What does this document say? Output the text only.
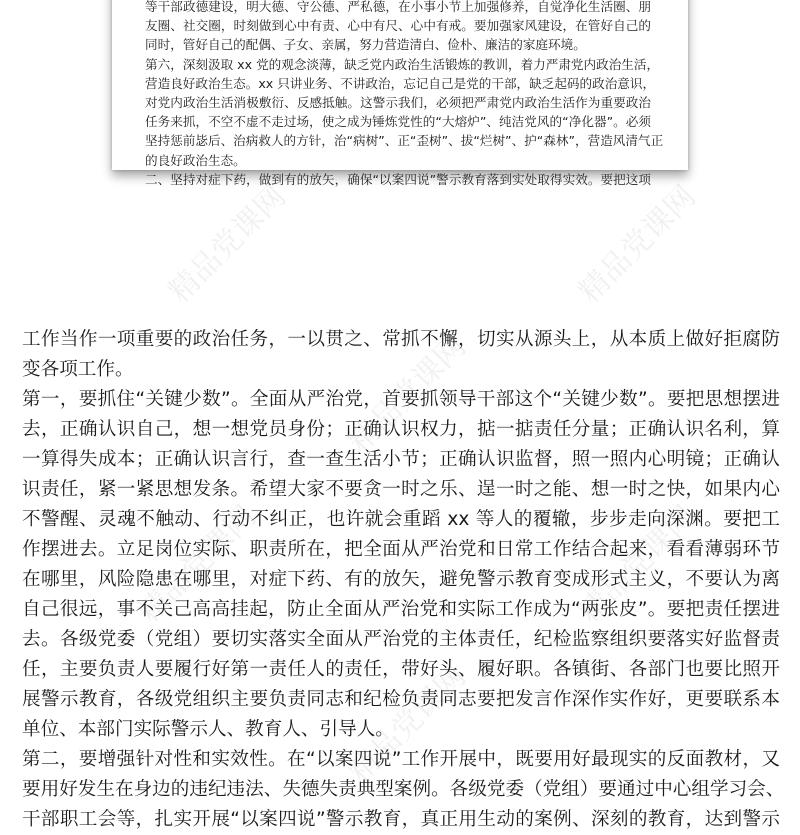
等干部政德建设，明大德、守公德、严私德，在小事小节上加强修养，自觉净化生活圈、朋
友圈、社交圈，时刻做到心中有责、心中有尺、心中有戒。要加强家风建设，在管好自己的
同时，管好自己的配偶、子女、亲属，努力营造清白、俭朴、廉洁的家庭环境。
第六，深刻汲取 xx 党的观念淡薄，缺乏党内政治生活锻炼的教训，着力严肃党内政治生活，
营造良好政治生态。xx 只讲业务、不讲政治，忘记自己是党的干部，缺乏起码的政治意识，
对党内政治生活消极敷衍、反感抵触。这警示我们，必须把严肃党内政治生活作为重要政治
任务来抓，不空不虚不走过场，使之成为锤炼党性的“大熔炉”、纯洁党风的“净化器”。必须
坚持惩前毖后、治病救人的方针，治“病树”、正“歪树”、拔“烂树”、护“森林”，营造风清气正
的良好政治生态。
二、坚持对症下药，做到有的放矢，确保“以案四说”警示教育落到实处取得实效。要把这项
工作当作一项重要的政治任务，一以贯之、常抓不懈，切实从源头上，从本质上做好拒腐防
变各项工作。
第一，要抓住“关键少数”。全面从严治党，首要抓领导干部这个“关键少数”。要把思想摆进
去，正确认识自己，想一想党员身份；正确认识权力，掂一掂责任分量；正确认识名利，算
一算得失成本；正确认识言行，查一查生活小节；正确认识监督，照一照内心明镜；正确认
识责任，紧一紧思想发条。希望大家不要贪一时之乐、逞一时之能、想一时之快，如果内心
不警醒、灵魂不触动、行动不纠正，也许就会重蹈 xx 等人的覆辙，步步走向深渊。要把工
作摆进去。立足岗位实际、职责所在，把全面从严治党和日常工作结合起来，看看薄弱环节
在哪里，风险隐患在哪里，对症下药、有的放矢，避免警示教育变成形式主义，不要认为离
自己很远，事不关己高高挂起，防止全面从严治党和实际工作成为“两张皮”。要把责任摆进
去。各级党委（党组）要切实落实全面从严治党的主体责任，纪检监察组织要落实好监督责
任，主要负责人要履行好第一责任人的责任，带好头、履好职。各镇街、各部门也要比照开
展警示教育，各级党组织主要负责同志和纪检负责同志要把发言作深作实作好，更要联系本
单位、本部门实际警示人、教育人、引导人。
第二，要增强针对性和实效性。在“以案四说”工作开展中，既要用好最现实的反面教材，又
要用好发生在身边的违纪违法、失德失责典型案例。各级党委（党组）要通过中心组学习会、
干部职工会等，扎实开展“以案四说”警示教育，真正用生动的案例、深刻的教育，达到警示
精品党课网	精品党课网
精品党课网
精品党课网	精品党课网
精品党课网
